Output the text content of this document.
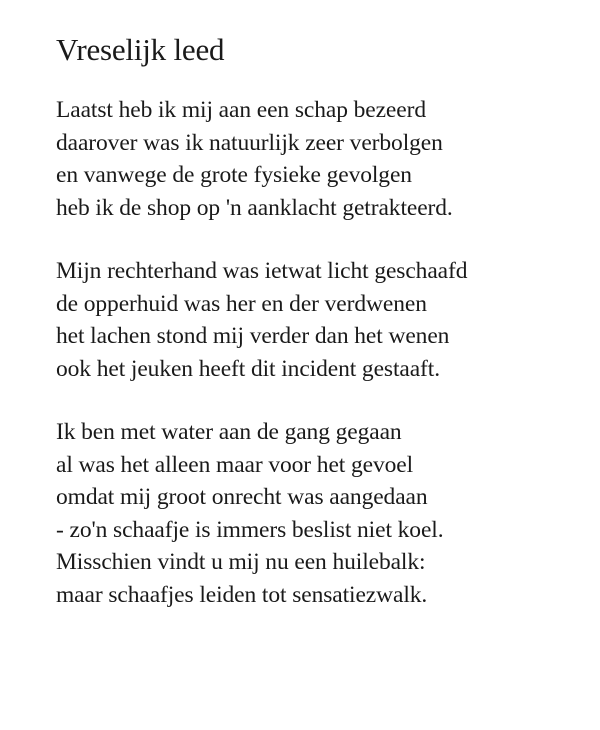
Vreselijk leed
Laatst heb ik mij aan een schap bezeerd
daarover was ik natuurlijk zeer verbolgen
en vanwege de grote fysieke gevolgen
heb ik de shop op 'n aanklacht getrakteerd.
Mijn rechterhand was ietwat licht geschaafd
de opperhuid was her en der verdwenen
het lachen stond mij verder dan het wenen
ook het jeuken heeft dit incident gestaaft.
Ik ben met water aan de gang gegaan
al was het alleen maar voor het gevoel
omdat mij groot onrecht was aangedaan
- zo'n schaafje is immers beslist niet koel.
Misschien vindt u mij nu een huilebalk:
maar schaafjes leiden tot sensatiezwalk.
